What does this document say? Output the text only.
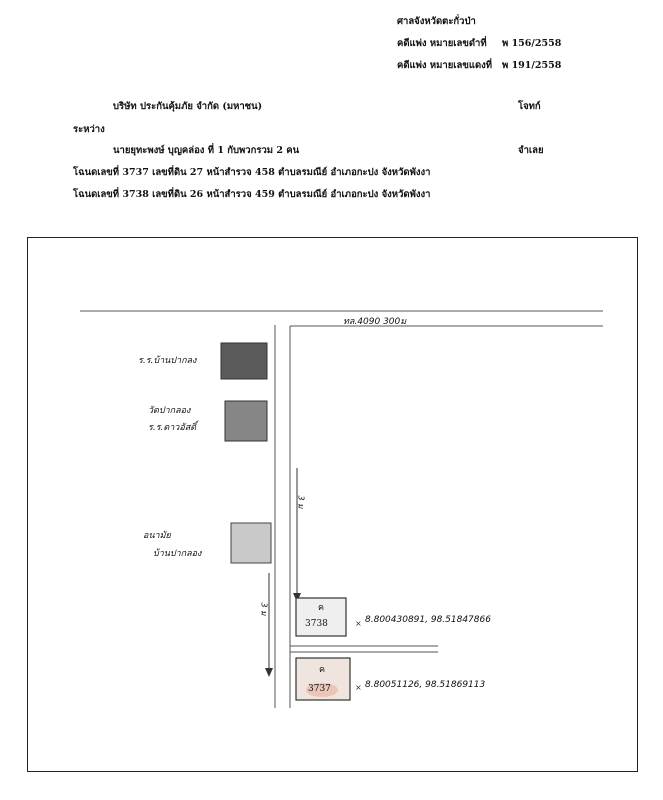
ศาลจังหวัดตะกั่วป่า
คดีแพ่ง หมายเลขดำที่ พ 156/2558
คดีแพ่ง หมายเลขแดงที่ พ 191/2558
บริษัท ประกันคุ้มภัย จำกัด (มหาชน)	โจทก์
ระหว่าง
นายยุทะพงษ์ บุญคล่อง ที่ 1 กับพวกรวม 2 คน	จำเลย
โฉนดเลขที่ 3737 เลขที่ดิน 27 หน้าสำรวจ 458 ตำบลรมณีย์ อำเภอกะปง จังหวัดพังงา
โฉนดเลขที่ 3738 เลขที่ดิน 26 หน้าสำรวจ 459 ตำบลรมณีย์ อำเภอกะปง จังหวัดพังงา
×
×
ทล.4090 300ม
ร.ร.บ้านปากลง
วัดปากลอง
ร.ร.ดาวอัสดิ์
อนามัย
บ้านปากลอง
3 ม
3 ม	ค
3738	8.800430891, 98.51847866
ค
3737	8.80051126, 98.51869113
